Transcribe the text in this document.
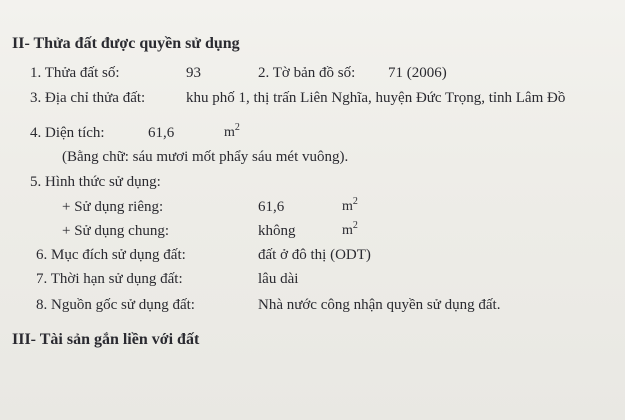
II- Thửa đất được quyền sử dụng
1. Thửa đất số:	93	2. Tờ bản đồ số: 71 (2006)
3. Địa chỉ thửa đất:	khu phố 1, thị trấn Liên Nghĩa, huyện Đức Trọng, tỉnh Lâm Đồ
4. Diện tích:	61,6	$m^2$
(Bằng chữ: sáu mươi mốt phẩy sáu mét vuông).
5. Hình thức sử dụng:
+ Sử dụng riêng:	61,6	$m^2$
+ Sử dụng chung:	không	$m^2$
6. Mục đích sử dụng đất:	đất ở đô thị (ODT)
7. Thời hạn sử dụng đất:	lâu dài
8. Nguồn gốc sử dụng đất:	Nhà nước công nhận quyền sử dụng đất.
III- Tài sản gắn liền với đất
